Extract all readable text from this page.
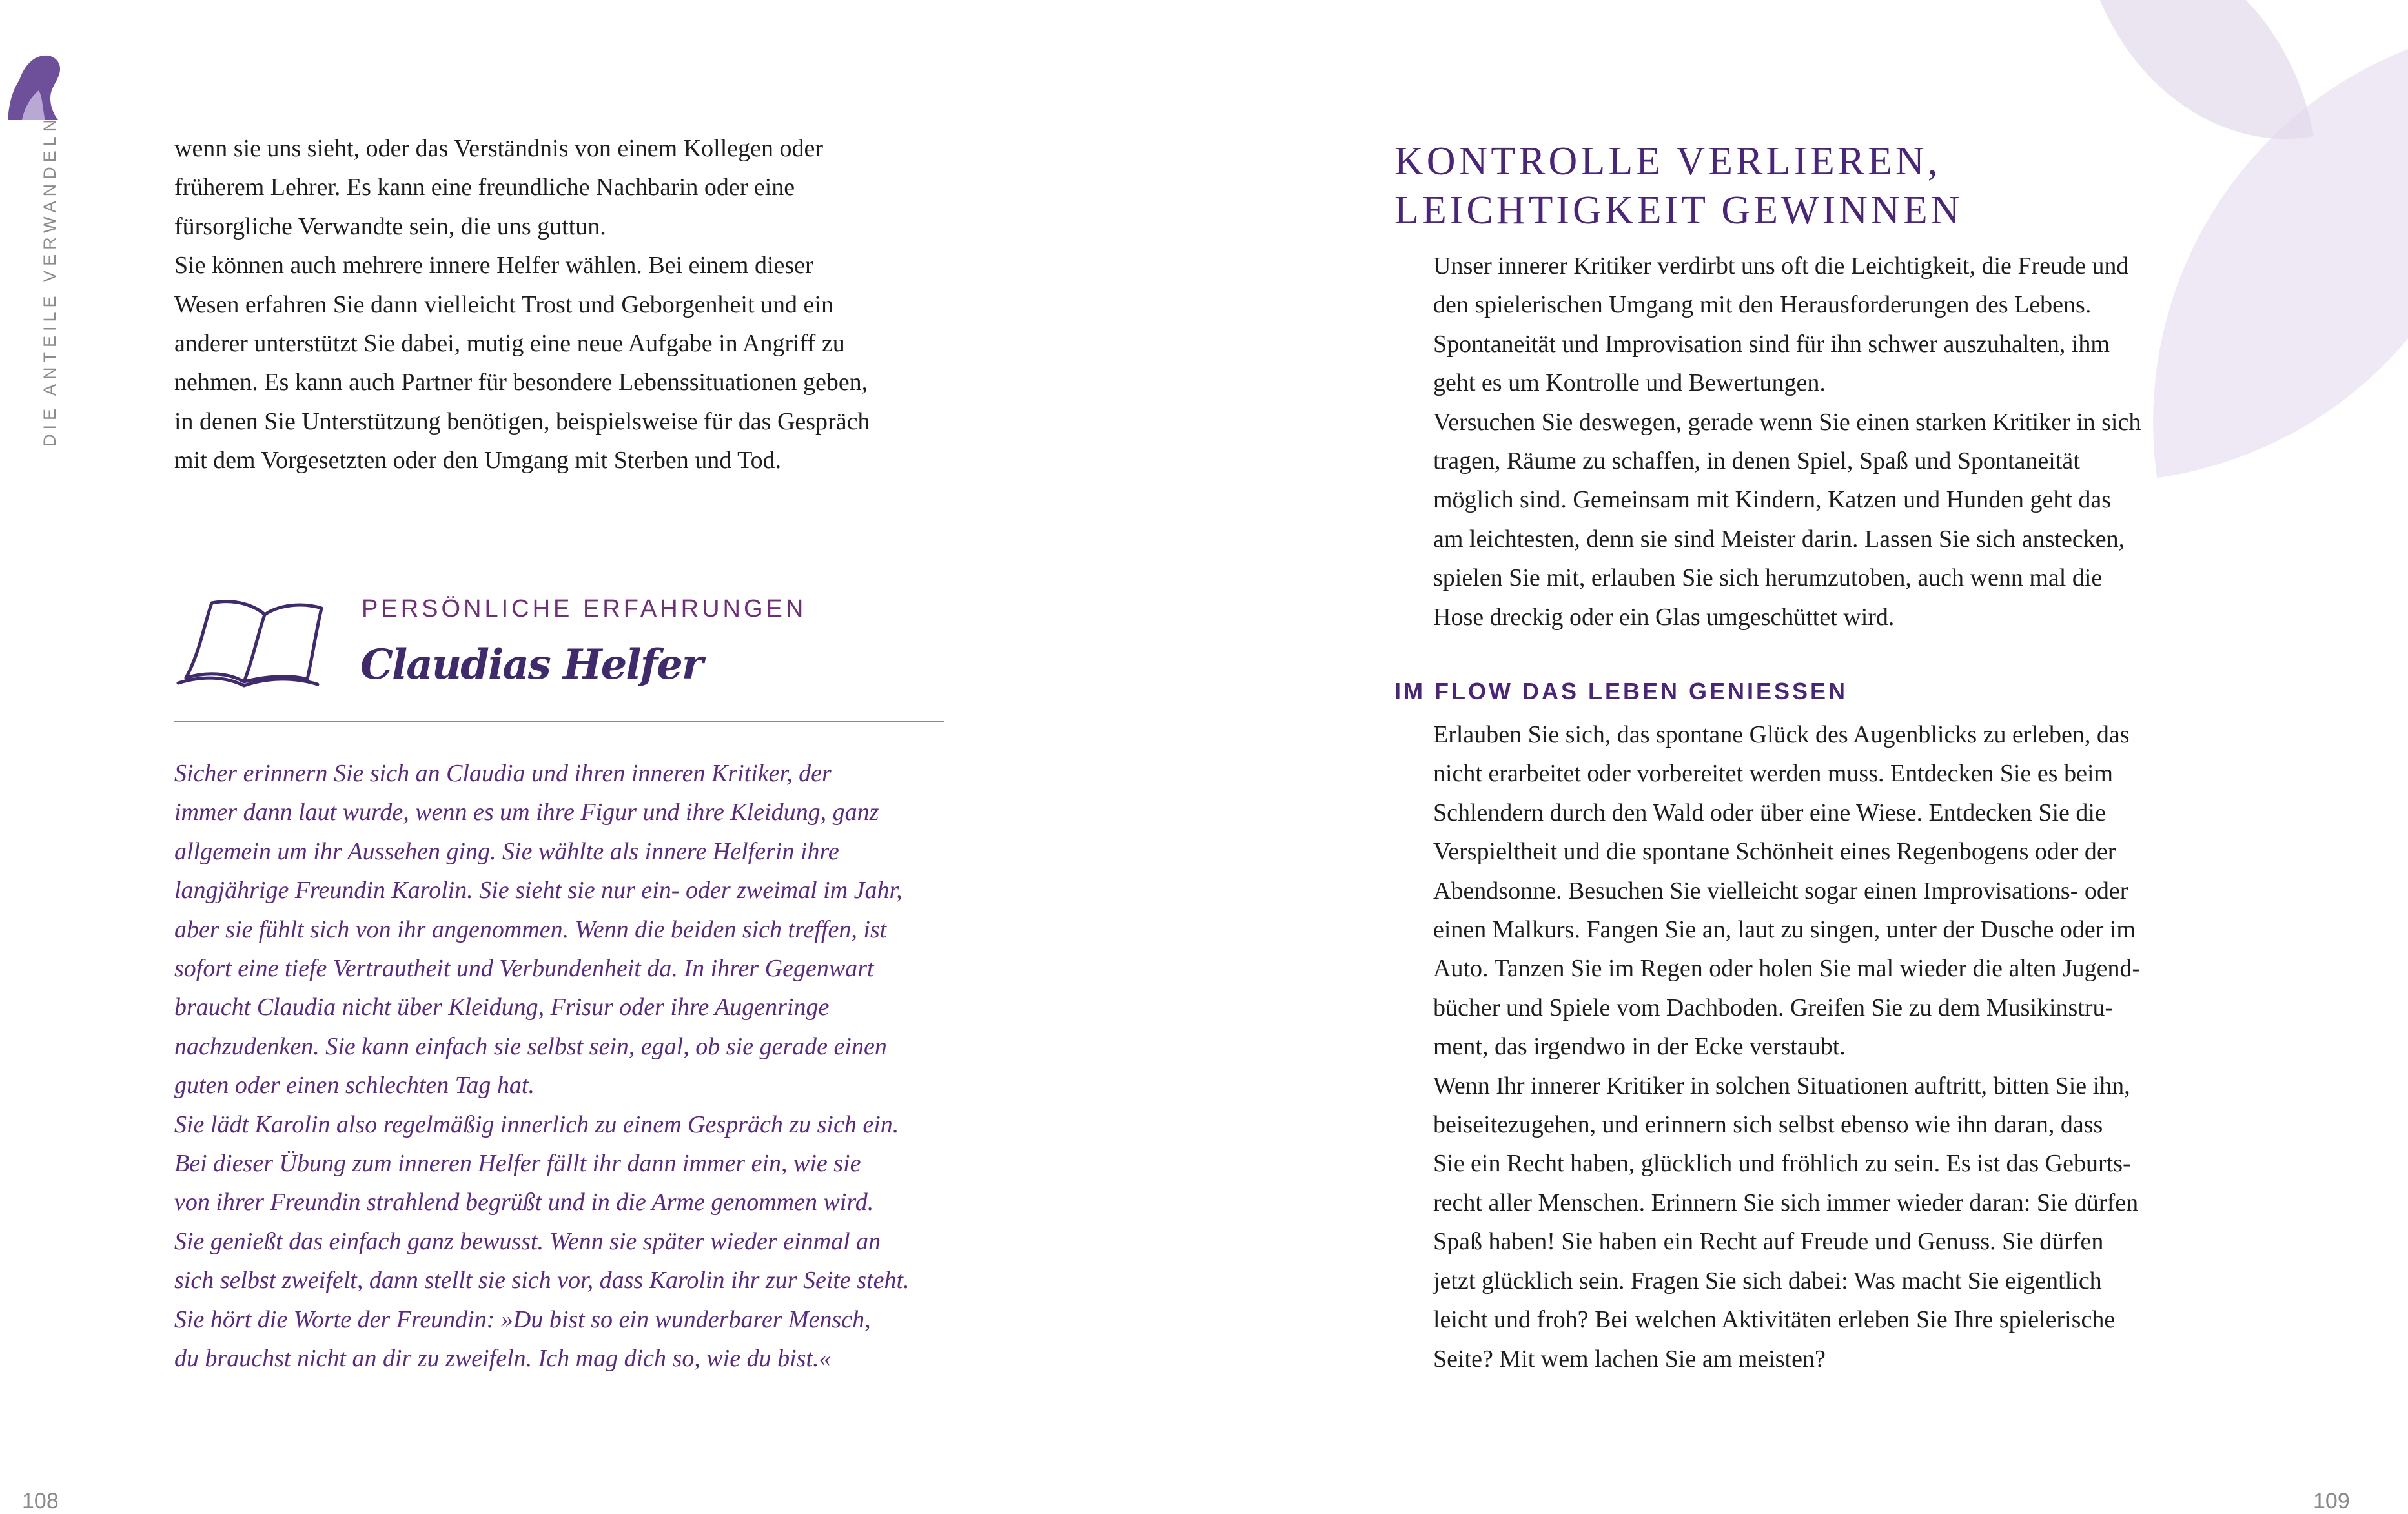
DIE ANTEILE VERWANDELN	wenn sie uns sieht, oder das Verständnis von einem Kollegen oder

früherem Lehrer. Es kann eine freundliche Nachbarin oder eine

fürsorgliche Verwandte sein, die uns guttun.

Sie können auch mehrere innere Helfer wählen. Bei einem dieser

Wesen erfahren Sie dann vielleicht Trost und Geborgenheit und ein

anderer unterstützt Sie dabei, mutig eine neue Aufgabe in Angriff zu

nehmen. Es kann auch Partner für besondere Lebenssituationen geben,

in denen Sie Unterstützung benötigen, beispielsweise für das Gespräch

mit dem Vorgesetzten oder den Umgang mit Sterben und Tod.

PERSÖNLICHE ERFAHRUNGEN
Claudias Helfer

Sicher erinnern Sie sich an Claudia und ihren inneren Kritiker, der

immer dann laut wurde, wenn es um ihre Figur und ihre Kleidung, ganz

allgemein um ihr Aussehen ging. Sie wählte als innere Helferin ihre

langjährige Freundin Karolin. Sie sieht sie nur ein- oder zweimal im Jahr,

aber sie fühlt sich von ihr angenommen. Wenn die beiden sich treffen, ist

sofort eine tiefe Vertrautheit und Verbundenheit da. In ihrer Gegenwart

braucht Claudia nicht über Kleidung, Frisur oder ihre Augenringe

nachzudenken. Sie kann einfach sie selbst sein, egal, ob sie gerade einen

guten oder einen schlechten Tag hat.

Sie lädt Karolin also regelmäßig innerlich zu einem Gespräch zu sich ein.

Bei dieser Übung zum inneren Helfer fällt ihr dann immer ein, wie sie

von ihrer Freundin strahlend begrüßt und in die Arme genommen wird.

Sie genießt das einfach ganz bewusst. Wenn sie später wieder einmal an

sich selbst zweifelt, dann stellt sie sich vor, dass Karolin ihr zur Seite steht.

Sie hört die Worte der Freundin: »Du bist so ein wunderbarer Mensch,

du brauchst nicht an dir zu zweifeln. Ich mag dich so, wie du bist.«

108
KONTROLLE VERLIEREN,
LEICHTIGKEIT GEWINNEN

Unser innerer Kritiker verdirbt uns oft die Leichtigkeit, die Freude und

den spielerischen Umgang mit den Herausforderungen des Lebens.

Spontaneität und Improvisation sind für ihn schwer auszuhalten, ihm

geht es um Kontrolle und Bewertungen.

Versuchen Sie deswegen, gerade wenn Sie einen starken Kritiker in sich

tragen, Räume zu schaffen, in denen Spiel, Spaß und Spontaneität

möglich sind. Gemeinsam mit Kindern, Katzen und Hunden geht das

am leichtesten, denn sie sind Meister darin. Lassen Sie sich anstecken,

spielen Sie mit, erlauben Sie sich herumzutoben, auch wenn mal die

Hose dreckig oder ein Glas umgeschüttet wird.

IM FLOW DAS LEBEN GENIESSEN

Erlauben Sie sich, das spontane Glück des Augenblicks zu erleben, das

nicht erarbeitet oder vorbereitet werden muss. Entdecken Sie es beim

Schlendern durch den Wald oder über eine Wiese. Entdecken Sie die

Verspieltheit und die spontane Schönheit eines Regenbogens oder der

Abendsonne. Besuchen Sie vielleicht sogar einen Improvisations- oder

einen Malkurs. Fangen Sie an, laut zu singen, unter der Dusche oder im

Auto. Tanzen Sie im Regen oder holen Sie mal wieder die alten Jugend-

bücher und Spiele vom Dachboden. Greifen Sie zu dem Musikinstru-

ment, das irgendwo in der Ecke verstaubt.

Wenn Ihr innerer Kritiker in solchen Situationen auftritt, bitten Sie ihn,

beiseitezugehen, und erinnern sich selbst ebenso wie ihn daran, dass

Sie ein Recht haben, glücklich und fröhlich zu sein. Es ist das Geburts-

recht aller Menschen. Erinnern Sie sich immer wieder daran: Sie dürfen

Spaß haben! Sie haben ein Recht auf Freude und Genuss. Sie dürfen

jetzt glücklich sein. Fragen Sie sich dabei: Was macht Sie eigentlich

leicht und froh? Bei welchen Aktivitäten erleben Sie Ihre spielerische

Seite? Mit wem lachen Sie am meisten?

109
